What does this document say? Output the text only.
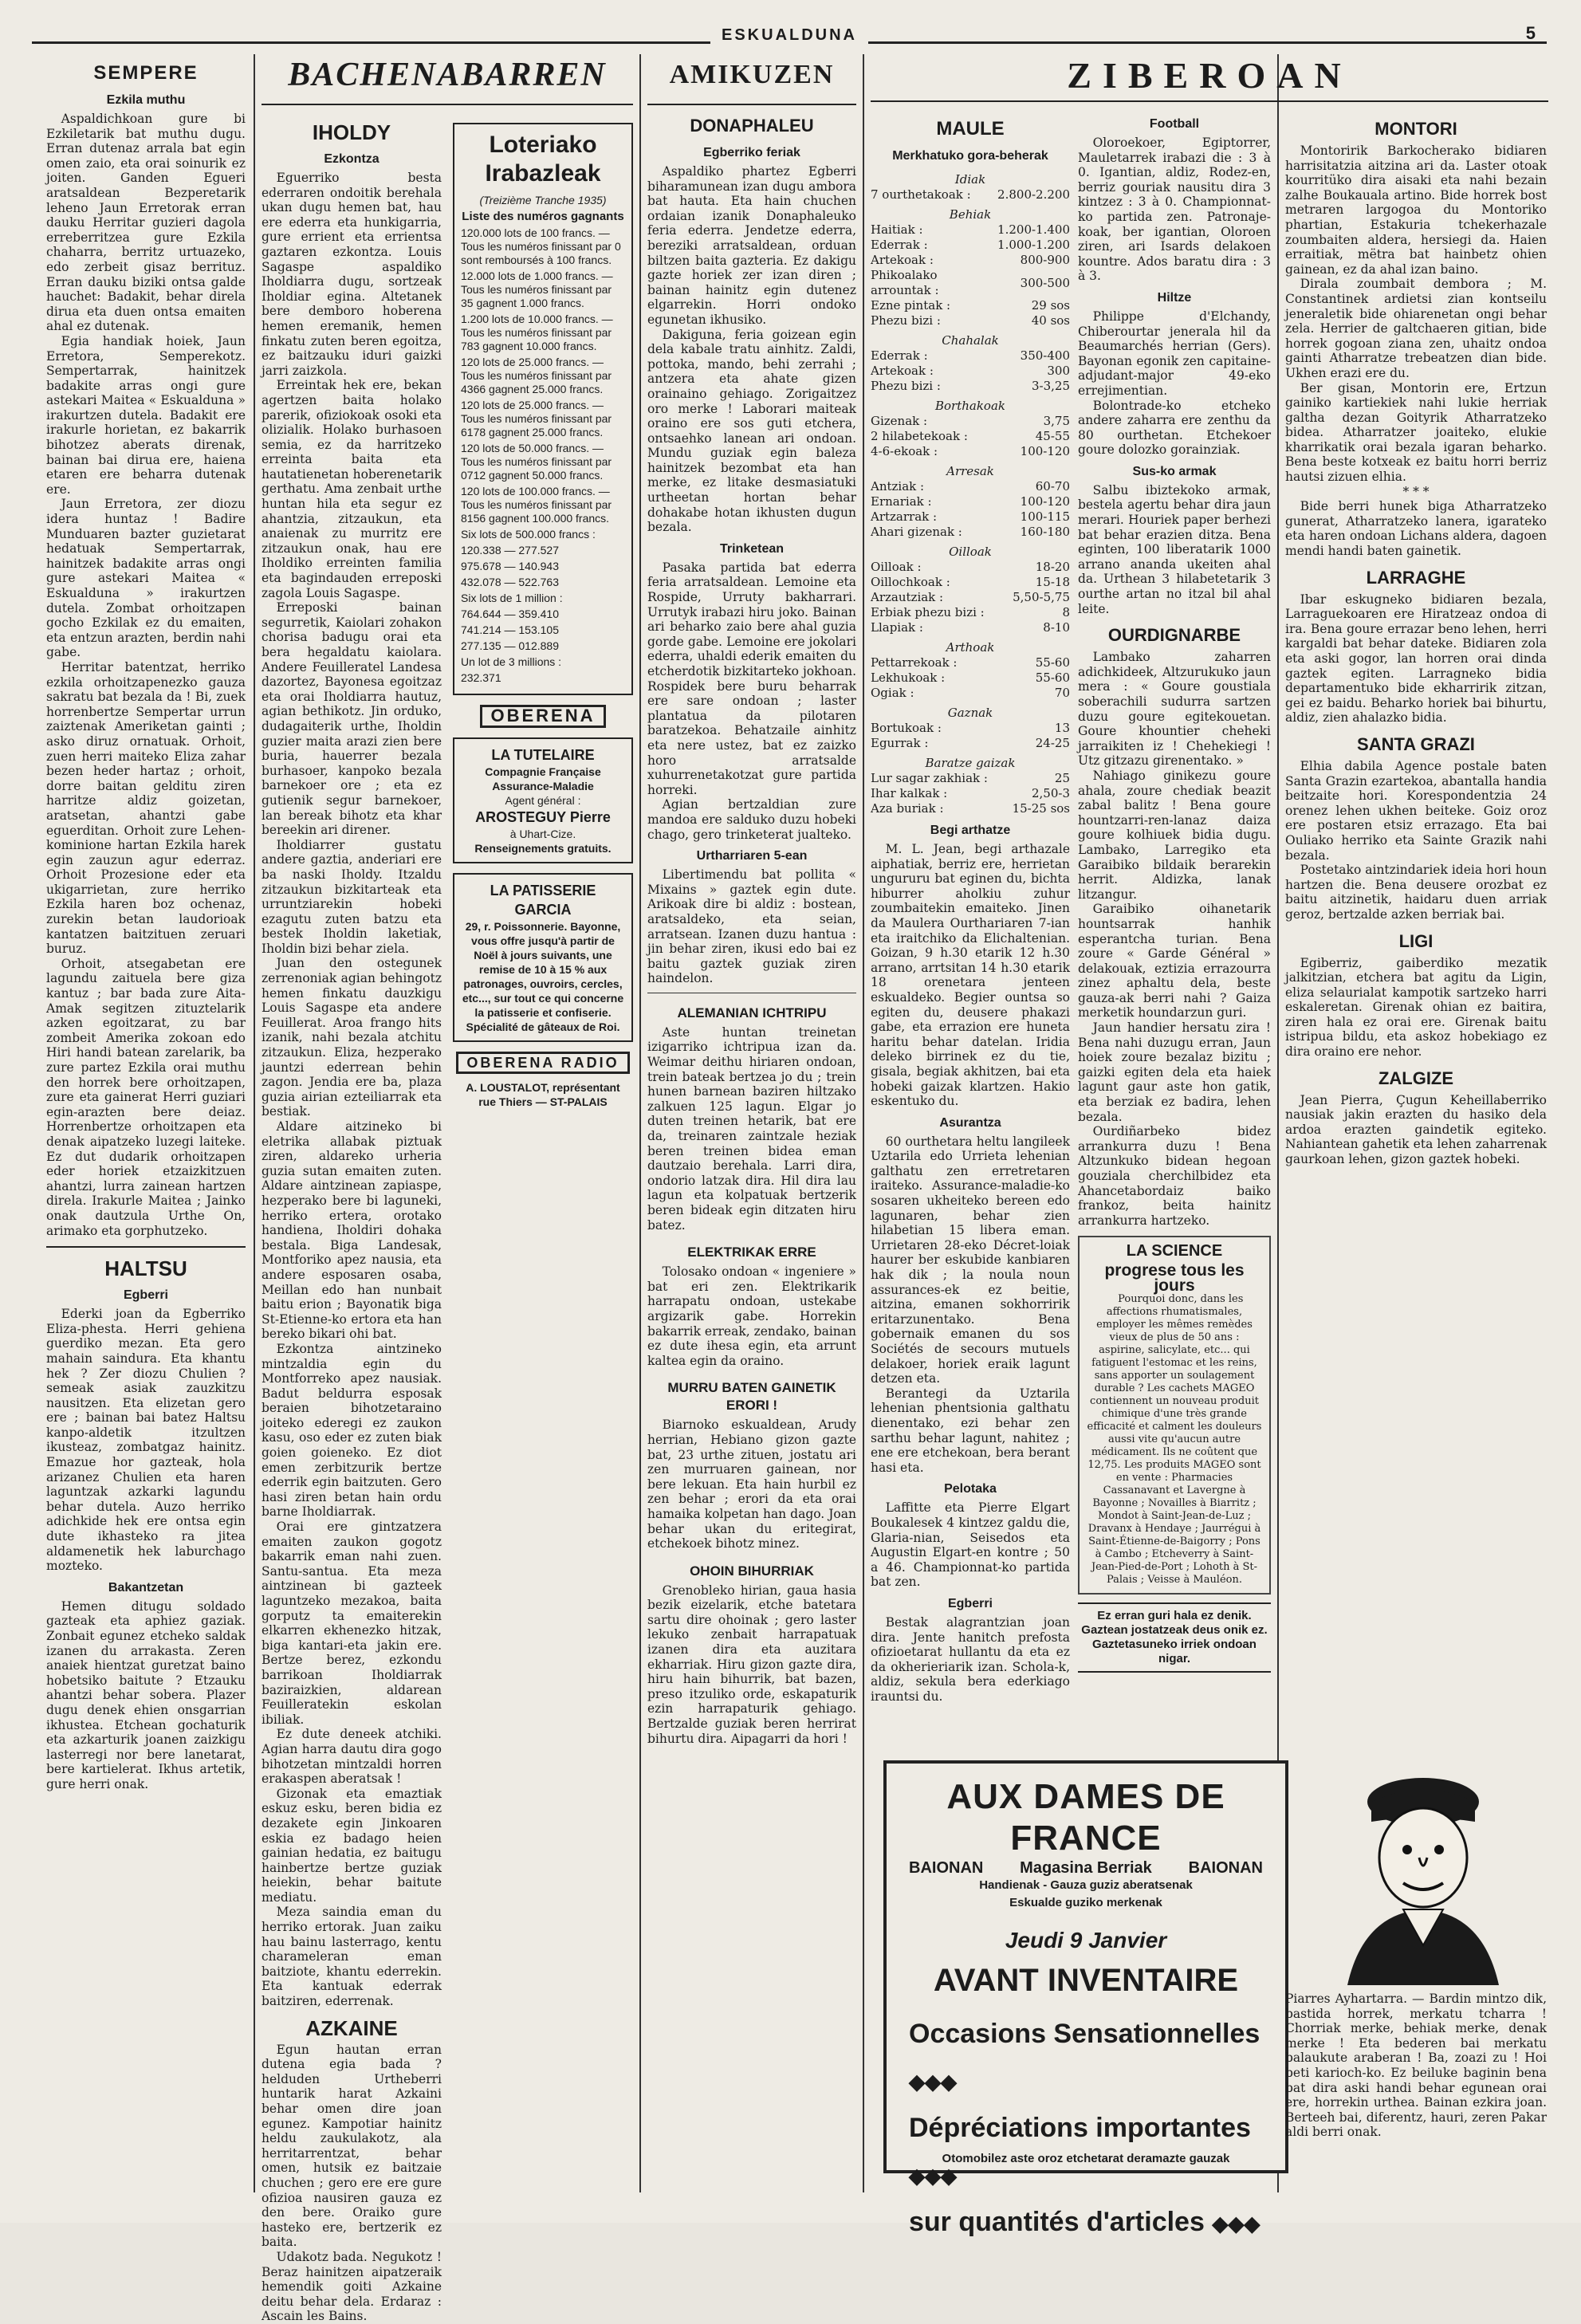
ESKUALDUNA	5
SEMPERE
Ezkila muthu

Aspaldichkoan gure bi Ezkiletarik bat muthu dugu. Erran dutenaz arrala bat egin omen zaio, eta orai soinurik ez joiten. Ganden Egueri aratsaldean Bezperetarik leheno Jaun Erretorak erran dauku Herritar guzieri dagola erreberritzea gure Ezkila chaharra, berritz urtuazeko, edo zerbeit gisaz berrituz. Erran dauku biziki ontsa galde hauchet: Badakit, behar direla dirua eta duen ontsa emaiten ahal ez dutenak.

Egia handiak hoiek, Jaun Erretora, Semperekotz. Sempertarrak, hainitzek badakite arras ongi gure astekari Maitea « Eskualduna » irakurtzen dutela. Badakit ere irakurle horietan, ez bakarrik bihotzez aberats direnak, bainan bai dirua ere, haiena etaren ere beharra dutenak ere.

Jaun Erretora, zer diozu idera huntaz ! Badire Munduaren bazter guzietarat hedatuak Sempertarrak, hainitzek badakite arras ongi gure astekari Maitea « Eskualduna » irakurtzen dutela. Zombat orhoitzapen gocho Ezkilak ez du emaiten, eta entzun arazten, berdin nahi gabe.

Herritar batentzat, herriko ezkila orhoitzapenezko gauza sakratu bat bezala da ! Bi, zuek horrenbertze Sempertar urrun zaiztenak Ameriketan gainti ; asko diruz ornatuak. Orhoit, zuen herri maiteko Eliza zahar bezen heder hartaz ; orhoit, dorre baitan gelditu ziren harritze aldiz goizetan, aratsetan, ahantzi gabe eguerditan. Orhoit zure Lehen-kominione hartan Ezkila harek egin zauzun agur ederraz. Orhoit Prozesione eder eta ukigarrietan, zure herriko Ezkila haren boz ochenaz, zurekin betan laudorioak kantatzen baitzituen zeruari buruz.

Orhoit, atsegabetan ere lagundu zaituela bere giza kantuz ; bar bada zure Aita-Amak segitzen zituztelarik azken egoitzarat, zu bar zombeit Amerika zokoan edo Hiri handi batean zarelarik, ba zure partez Ezkila orai muthu den horrek bere orhoitzapen, zure eta gainerat Herri guziari egin-arazten bere deiaz. Horrenbertze orhoitzapen eta denak aipatzeko luzegi laiteke. Ez dut dudarik orhoitzapen eder horiek etzaizkitzuen ahantzi, lurra zainean hartzen direla. Irakurle Maitea ; Jainko onak dautzula Urthe On, arimako eta gorphutzeko.

HALTSU
Egberri

Ederki joan da Egberriko Eliza-phesta. Herri gehiena guerdiko mezan. Eta gero mahain saindura. Eta khantu hek ? Zer diozu Chulien ? semeak asiak zauzkitzu nausitzen. Eta elizetan gero ere ; bainan bai batez Haltsu kanpo-aldetik itzultzen ikusteaz, zombatgaz hainitz. Emazue hor gazteak, hola arizanez Chulien eta haren laguntzak azkarki lagundu behar dutela. Auzo herriko adichkide hek ere ontsa egin dute ikhasteko ra jitea aldamenetik hek laburchago mozteko.

Bakantzetan

Hemen ditugu soldado gazteak eta aphiez gaziak. Zonbait egunez etcheko saldak izanen du arrakasta. Zeren anaiek hientzat guretzat baino hobetsiko baitute ? Etzauku ahantzi behar sobera. Plazer dugu denek ehien onsgarrian ikhustea. Etchean gochaturik eta azkarturik joanen zaizkigu lasterregi nor bere lanetarat, bere kartielerat. Ikhus artetik, gure herri onak.

BACHENABARREN
IHOLDY
Ezkontza

Eguerriko besta ederraren ondoitik berehala ukan dugu hemen bat, hau ere ederra eta hunkigarria, gure errient eta errientsa gaztaren ezkontza. Louis Sagaspe aspaldiko Iholdiarra dugu, sortzeak Iholdiar egina. Altetanek bere demboro hoberena hemen eremanik, hemen finkatu zuten beren egoitza, ez baitzauku iduri gaizki jarri zaizkola.

Erreintak hek ere, bekan agertzen baita holako parerik, ofiziokoak osoki eta olizialik. Holako burhasoen semia, ez da harritzeko erreinta baita eta hautatienetan hoberenetarik gerthatu. Ama zenbait urthe huntan hila eta segur ez ahantzia, zitzaukun, eta anaienak zu murritz ere zitzaukun onak, hau ere Iholdiko erreinten familia eta bagindauden erreposki zagola Louis Sagaspe.

Erreposki bainan segurretik, Kaiolari zohakon chorisa badugu orai eta bera hegaldatu kaiolara. Andere Feuilleratel Landesa dazortez, Bayonesa egoitzaz eta orai Iholdiarra hautuz, agian bethikotz. Jin orduko, dudagaiterik urthe, Iholdin guzier maita arazi zien bere buria, hauerrer bezala burhasoer, kanpoko bezala barnekoer ore ; eta ez gutienik segur barnekoer, lan bereak bihotz eta khar bereekin ari direner.

Iholdiarrer gustatu andere gaztia, anderiari ere ba naski Iholdy. Itzaldu zitzaukun bizkitarteak eta urruntziarekin hobeki ezagutu zuten batzu eta bestek Iholdin laketiak, Iholdin bizi behar ziela.

Juan den ostegunek zerrenoniak agian behingotz hemen finkatu dauzkigu Louis Sagaspe eta andere Feuillerat. Aroa frango hits izanik, nahi bezala atchitu zitzaukun. Eliza, hezperako jauntzi ederrean behin zagon. Jendia ere ba, plaza guzia airian ezteiliarrak eta bestiak.

Aldare aitzineko bi eletrika allabak piztuak ziren, aldareko urheria guzia sutan emaiten zuten. Aldare aintzinean zapiaspe, hezperako bere bi laguneki, herriko ertera, orotako handiena, Iholdiri dohaka bestala. Biga Landesak, Montforiko apez nausia, eta andere esposaren osaba, Meillan edo han nunbait baitu erion ; Bayonatik biga St-Etienne-ko ertora eta han bereko bikari ohi bat.

Ezkontza aintzineko mintzaldia egin du Montforreko apez nausiak. Badut beldurra esposak beraien bihotzetaraino joiteko ederegi ez zaukon kasu, oso eder ez zuten biak goien goieneko. Ez diot emen zerbitzurik bertze ederrik egin baitzuten. Gero hasi ziren betan hain ordu barne Iholdiarrak.

Orai ere gintzatzera emaiten zaukon gogotz bakarrik eman nahi zuen. Santu-santua. Eta meza aintzinean bi gazteek laguntzeko mezakoa, baita gorputz ta emaiterekin elkarren ekhenezko hitzak, biga kantari-eta jakin ere. Bertze berez, ezkondu barrikoan Iholdiarrak baziraizkien, aldarean Feuilleratekin eskolan ibiliak.

Ez dute deneek atchiki. Agian harra dautu dira gogo bihotzetan mintzaldi horren erakaspen aberatsak !

Gizonak eta emaztiak eskuz esku, beren bidia ez dezakete egin Jinkoaren eskia ez badago heien gainian hedatia, ez baitugu hainbertze bertze guziak heiekin, behar baitute mediatu.

Meza saindia eman du herriko ertorak. Juan zaiku hau bainu lasterrago, kentu charameleran eman baitziote, khantu ederrekin. Eta kantuak ederrak baitziren, ederrenak.

AZKAINE

Egun hautan erran dutena egia bada ? helduden Urtheberri huntarik harat Azkaini behar omen dire joan egunez. Kampotiar hainitz heldu zaukulakotz, ala herritarrentzat, behar omen, hutsik ez baitzaie chuchen ; gero ere ere gure ofizioa nausiren gauza ez den bere. Oraiko gure hasteko ere, bertzerik ez baita.

Udakotz bada. Negukotz ! Beraz hainitzen aipatzeraik hemendik goiti Azkaine deitu behar dela. Erdaraz : Ascain les Bains.

Loteriako
Irabazleak
(Treizième Tranche 1935)
Liste des numéros gagnants
120.000 lots de 100 francs. — Tous les numéros finissant par 0 sont remboursés à 100 francs.
12.000 lots de 1.000 francs. — Tous les numéros finissant par 35 gagnent 1.000 francs.
1.200 lots de 10.000 francs. — Tous les numéros finissant par 783 gagnent 10.000 francs.
120 lots de 25.000 francs. — Tous les numéros finissant par 4366 gagnent 25.000 francs.
120 lots de 25.000 francs. — Tous les numéros finissant par 6178 gagnent 25.000 francs.
120 lots de 50.000 francs. — Tous les numéros finissant par 0712 gagnent 50.000 francs.
120 lots de 100.000 francs. — Tous les numéros finissant par 8156 gagnent 100.000 francs.
Six lots de 500.000 francs :
120.338 — 277.527
975.678 — 140.943
432.078 — 522.763
Six lots de 1 million :
764.644 — 359.410
741.214 — 153.105
277.135 — 012.889
Un lot de 3 millions :
232.371
OBERENA
LA TUTELAIRE
Compagnie Française Assurance-Maladie
Agent général :
AROSTEGUY Pierre
à Uhart-Cize.
Renseignements gratuits.
LA PATISSERIE GARCIA
29, r. Poissonnerie. Bayonne,
vous offre jusqu'à partir de Noël à jours suivants, une remise de 10 à 15 % aux patronages, ouvroirs, cercles, etc..., sur tout ce qui concerne la patisserie et confiserie. Spécialité de gâteaux de Roi.
OBERENA RADIO
A. LOUSTALOT, représentant
rue Thiers — ST-PALAIS
AMIKUZEN
DONAPHALEU
Egberriko feriak

Aspaldiko phartez Egberri biharamunean izan dugu ambora bat hauta. Eta hain chuchen ordaian izanik Donaphaleuko feria ederra. Jendetze ederra, bereziki arratsaldean, orduan biltzen baita gazteria. Ez dakigu gazte horiek zer izan diren ; bainan hainitz egin dutenez elgarrekin. Horri ondoko egunetan ikhusiko.

Dakiguna, feria goizean egin dela kabale tratu ainhitz. Zaldi, pottoka, mando, behi zerrahi ; antzera eta ahate gizen orainaino gehiago. Zorigaitzez oro merke ! Laborari maiteak oraino ere sos guti etchera, ontsaehko lanean ari ondoan. Mundu guziak egin baleza hainitzek bezombat eta han merke, ez litake desmasiatuki urtheetan hortan behar dohakabe hotan ikhusten dugun bezala.

Trinketean

Pasaka partida bat ederra feria arratsaldean. Lemoine eta Rospide, Urruty bakharrari. Urrutyk irabazi hiru joko. Bainan ari beharko zaio bere ahal guzia gorde gabe. Lemoine ere jokolari ederra, uhaldi ederik emaiten du etcherdotik bizkitarteko jokhoan. Rospidek bere buru beharrak ere sare ondoan ; laster plantatua da pilotaren baratzekoa. Behatzaile ainhitz eta nere ustez, bat ez zaizko horo arratsalde xuhurrenetakotzat gure partida horreki.

Agian bertzaldian zure mandoa ere salduko duzu hobeki chago, gero trinketerat jualteko.

Urtharriaren 5-ean

Libertimendu bat pollita « Mixains » gaztek egin dute. Arikoak dire bi aldiz : bostean, aratsaldeko, eta seian, arratsean. Izanen duzu hantua : jin behar ziren, ikusi edo bai ez baitu gaztek guziak ziren haindelon.

ALEMANIAN ICHTRIPU

Aste huntan treinetan izigarriko ichtripua izan da. Weimar deithu hiriaren ondoan, trein bateak bertzea jo du ; trein hunen barnean baziren hiltzako zalkuen 125 lagun. Elgar jo duten treinen hetarik, bat ere da, treinaren zaintzale heziak beren treinen bidea eman dautzaio berehala. Larri dira, ondorio latzak dira. Hil dira lau lagun eta kolpatuak bertzerik beren bideak egin ditzaten hiru batez.

ELEKTRIKAK ERRE

Tolosako ondoan « ingeniere » bat eri zen. Elektrikarik harrapatu ondoan, ustekabe argizarik gabe. Horrekin bakarrik erreak, zendako, bainan ez dute ihesa egin, eta arrunt kaltea egin da oraino.

MURRU BATEN GAINETIK ERORI !

Biarnoko eskualdean, Arudy herrian, Hebiano gizon gazte bat, 23 urthe zituen, jostatu ari zen murruaren gainean, nor bere lekuan. Eta hain hurbil ez zen behar ; erori da eta orai hamaika kolpetan han dago. Joan behar ukan du eritegirat, etchekoek bihotz minez.

OHOIN BIHURRIAK

Grenobleko hirian, gaua hasia bezik eizelarik, etche batetara sartu dire ohoinak ; gero laster lekuko zenbait harrapatuak izanen dira eta auzitara ekharriak. Hiru gizon gazte dira, hiru hain bihurrik, bat bazen, preso itzuliko orde, eskapaturik ezin harrapaturik gehiago. Bertzalde guziak beren herrirat bihurtu dira. Aipagarri da hori !

ZIBEROAN
MAULE
Merkhatuko gora-beherak
Idiak	
7 ourthetakoak :	2.800-2.200
Behiak	
Haitiak :	1.200-1.400
Ederrak :	1.000-1.200
Artekoak :	800-900
Phikoalako arrountak :	300-500
Ezne pintak :	29 sos
Phezu bizi :	40 sos
Chahalak	
Ederrak :	350-400
Artekoak :	300
Phezu bizi :	3-3,25
Borthakoak	
Gizenak :	3,75
2 hilabetekoak :	45-55
4-6-ekoak :	100-120
Arresak	
Antziak :	60-70
Ernariak :	100-120
Artzarrak :	100-115
Ahari gizenak :	160-180
Oilloak	
Oilloak :	18-20
Oillochkoak :	15-18
Arzautziak :	5,50-5,75
Erbiak phezu bizi :	8
Llapiak :	8-10
Arthoak	
Pettarrekoak :	55-60
Lekhukoak :	55-60
Ogiak :	70
Gaznak	
Bortukoak :	13
Egurrak :	24-25
Baratze gaizak	
Lur sagar zakhiak :	25
Ihar kalkak :	2,50-3
Aza buriak :	15-25 sos
Begi arthatze

M. L. Jean, begi arthazale aiphatiak, berriz ere, herrietan ungururu bat eginen du, bichta hiburrer aholkiu zuhur zoumbaitekin emaiteko. Jinen da Maulera Ourthariaren 7-ian eta iraitchiko da Elichaltenian. Goizan, 9 h.30 etarik 12 h.30 arrano, arrtsitan 14 h.30 etarik 18 orenetara jenteen eskualdeko. Begier ountsa so egiten du, deusere phakazi gabe, eta errazion ere huneta haritu behar datelan. Iridia deleko birrinek ez du tie, gisala, begiak akhitzen, bai eta hobeki gaizak klartzen. Hakio eskentuko du.

Asurantza

60 ourthetara heltu langileek Uztarila edo Urrieta lehenian galthatu zen erretretaren iraiteko. Assurance-maladie-ko sosaren ukheiteko bereen edo lagunaren, behar zien hilabetian 15 libera eman. Urrietaren 28-eko Décret-loiak haurer ber eskubide kanbiaren hak dik ; la noula noun assurances-ek ez beitie, aitzina, emanen sokhorririk eritarzunentako. Bena gobernaik emanen du sos Sociétés de secours mutuels delakoer, horiek eraik lagunt detzen eta.

Berantegi da Uztarila lehenian phentsionia galthatu dienentako, ezi behar zen sarthu behar lagunt, nahitez ; ene ere etchekoan, bera berant hasi eta.

Pelotaka

Laffitte eta Pierre Elgart Boukalesek 4 kintzez galdu die, Glaria-nian, Seisedos eta Augustin Elgart-en kontre ; 50 a 46. Championnat-ko partida bat zen.

Egberri

Bestak alagrantzian joan dira. Jente hanitch prefosta ofizioetarat hullantu da eta ez da okherieriarik izan. Schola-k, aldiz, sekula bera ederkiago irauntsi du.

Football

Oloroekoer, Egiptorrer, Mauletarrek irabazi die : 3 à 0. Igantian, aldiz, Rodez-en, berriz gouriak nausitu dira 3 kintzez : 3 à 0. Championnat-ko partida zen. Patronaje-koak, ber igantian, Oloroen ziren, ari Isards delakoen kountre. Ados baratu dira : 3 à 3.

Hiltze

Philippe d'Elchandy, Chiberourtar jenerala hil da Beaumarchés herrian (Gers). Bayonan egonik zen capitaine-adjudant-major 49-eko errejimentian.

Bolontrade-ko etcheko andere zaharra ere zenthu da 80 ourthetan. Etchekoer goure dolozko gorainziak.

Sus-ko armak

Salbu ibiztekoko armak, bestela agertu behar dira jaun merari. Houriek paper berhezi bat behar erazien ditza. Bena eginten, 100 liberatarik 1000 arrano ananda ukeiten ahal da. Urthean 3 hilabetetarik 3 ourthe artan no itzal bil ahal leite.

OURDIGNARBE

Lambako zaharren adichkideek, Altzurukuko jaun mera : « Goure goustiala soberachili sudurra sartzen duzu goure egitekouetan. Goure khountier cheheki jarraikiten iz ! Chehekiegi ! Utz gitzazu girenentako. »

Nahiago ginikezu goure ahala, zoure chediak beazit zabal balitz ! Bena goure hountzarri-ren-lanaz daiza goure kolhiuek bidia dugu. Lambako, Larregiko eta Garaibiko bildaik berarekin herrit. Aldizka, lanak litzangur.

Garaibiko oihanetarik hountsarrak hanhik esperantcha turian. Bena zoure « Garde Général » delakouak, eztizia errazourra zinez aphaltu dela, beste gauza-ak berri nahi ? Gaiza merketik houndarzun guri.

Jaun handier hersatu zira ! Bena nahi duzugu erran, Jaun hoiek zoure bezalaz bizitu ; gaizki egiten dela eta haiek lagunt gaur aste hon gatik, eta berziak ez badira, lehen bezala.

Ourdiñarbeko bidez arrankurra duzu ! Bena Altzunkuko bidean hegoan gouziala cherchilbidez eta Ahancetabordaiz baiko frankoz, beita hainitz arrankurra hartzeko.

LA SCIENCE
progrese tous les jours

Pourquoi donc, dans les affections rhumatismales, employer les mêmes remèdes vieux de plus de 50 ans : aspirine, salicylate, etc... qui fatiguent l'estomac et les reins, sans apporter un soulagement durable ? Les cachets MAGEO contiennent un nouveau produit chimique d'une très grande efficacité et calment les douleurs aussi vite qu'aucun autre médicament. Ils ne coûtent que 12,75. Les produits MAGEO sont en vente : Pharmacies Cassanavant et Lavergne à Bayonne ; Novailles à Biarritz ; Mondot à Saint-Jean-de-Luz ; Dravanx à Hendaye ; Jaurrégui à Saint-Étienne-de-Baigorry ; Pons à Cambo ; Etcheverry à Saint-Jean-Pied-de-Port ; Lohoth à St-Palais ; Veisse à Mauléon.

Ez erran guri hala ez denik. Gaztean jostatzeak deus onik ez. Gaztetasuneko irriek ondoan nigar.
MONTORI

Montoririk Barkocherako bidiaren harrisitatzia aitzina ari da. Laster otoak kourritüko dira aisaki eta nahi bezain zalhe Boukauala artino. Bide horrek bost metraren largogoa du Montoriko phartian, Estakuria tchekerhazale zoumbaiten aldera, hersiegi da. Haien erraitiak, mëtra bat hainbetz ohien gainean, ez da ahal izan baino.

Dirala zoumbait dembora ; M. Constantinek ardietsi zian kontseilu jeneraletik bide ohiarenetan ongi behar zela. Herrier de galtchaeren gitian, bide horrek gogoan ziana zen, uhaitz ondoa gainti Atharratze trebeatzen dian bide. Ukhen erazi ere du.

Ber gisan, Montorin ere, Ertzun gainiko kartiekiek nahi lukie herriak galtha dezan Goityrik Atharratzeko bidea. Atharratzer joaiteko, elukie kharrikatik orai bezala igaran beharko. Bena beste kotxeak ez baitu horri berriz hautsi zizuen elhia.

* * *

Bide berri hunek biga Atharratzeko gunerat, Atharratzeko lanera, igarateko eta haren ondoan Lichans aldera, dagoen mendi handi baten gainetik.

LARRAGHE

Ibar eskugneko bidiaren bezala, Larraguekoaren ere Hiratzeaz ondoa di ira. Bena goure errazar beno lehen, herri kargaldi bat behar dateke. Bidiaren zola eta aski gogor, lan horren orai dinda gaztek egiten. Larragneko bidia departamentuko bide ekharririk zitzan, gei ez baidu. Beharko horiek bai bihurtu, aldiz, zien ahalazko bidia.

SANTA GRAZI

Elhia dabila Agence postale baten Santa Grazin ezartekoa, abantalla handia beitzaite hori. Korespondentzia 24 orenez lehen ukhen beiteke. Goiz oroz ere postaren etsiz errazago. Eta bai Ouliako herriko eta Sainte Grazik nahi bezala.

Postetako aintzindariek ideia hori houn hartzen die. Bena deusere orozbat ez baitu aitzinetik, haidaru duen arriak geroz, bertzalde azken berriak bai.

LIGI

Egiberriz, gaiberdiko mezatik jalkitzian, etchera bat agitu da Ligin, eliza selaurialat kampotik sartzeko harri eskaleretan. Girenak ohian ez baitira, ziren hala ez orai ere. Girenak baitu istripua bildu, eta askoz hobekiago ez dira oraino ere nehor.

ZALGIZE

Jean Pierra, Çugun Keheillaberriko nausiak jakin erazten du hasiko dela ardoa erazten gaindetik egiteko. Nahiantean gahetik eta lehen zaharrenak gaurkoan lehen, gizon gaztek hobeki.

AUX DAMES DE FRANCE
BAIONAN Magasina Berriak BAIONAN
Handienak - Gauza guziz aberatsenak
Eskualde guziko merkenak
Jeudi 9 Janvier
AVANT INVENTAIRE
Occasions Sensationnelles ◆◆◆
Dépréciations importantes ◆◆◆
sur quantités d'articles ◆◆◆
Otomobilez aste oroz etchetarat deramazte gauzak
Piarres Ayhartarra. — Bardin mintzo dik, bastida horrek, merkatu tcharra ! Chorriak merke, behiak merke, denak merke ! Eta bederen bai merkatu balaukute araberan ! Ba, zoazi zu ! Hoi beti karioch-ko. Ez beiluke baginin bena bat dira aski handi behar egunean orai ere, horrekin urthea. Bainan ezkira joan. Berteeh bai, diferentz, hauri, zeren Pakar aldi berri onak.
